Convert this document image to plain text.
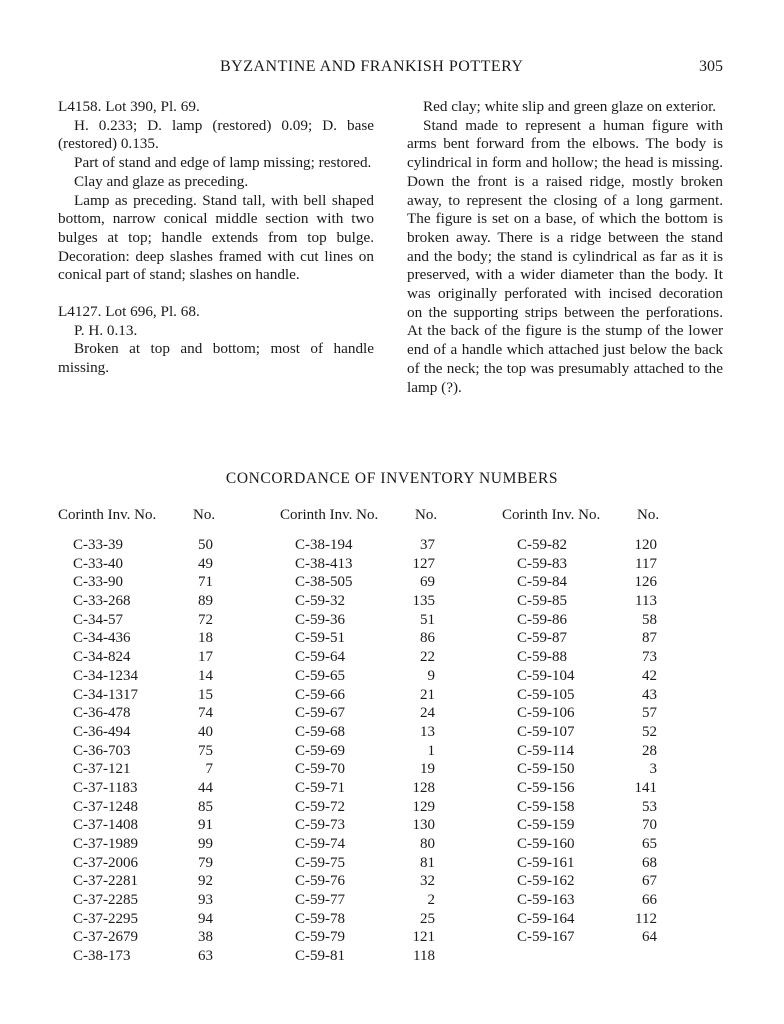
BYZANTINE AND FRANKISH POTTERY	305

L4158. Lot 390, Pl. 69.

H. 0.233; D. lamp (restored) 0.09; D. base (restored) 0.135.

Part of stand and edge of lamp missing; restored.

Clay and glaze as preceding.

Lamp as preceding. Stand tall, with bell shaped bottom, narrow conical middle section with two bulges at top; handle extends from top bulge. Decoration: deep slashes framed with cut lines on conical part of stand; slashes on handle.

L4127. Lot 696, Pl. 68.

P. H. 0.13.

Broken at top and bottom; most of handle missing.

Red clay; white slip and green glaze on exterior.

Stand made to represent a human figure with arms bent forward from the elbows. The body is cylindrical in form and hollow; the head is missing. Down the front is a raised ridge, mostly broken away, to represent the closing of a long garment. The figure is set on a base, of which the bottom is broken away. There is a ridge between the stand and the body; the stand is cylindrical as far as it is preserved, with a wider diameter than the body. It was originally perforated with incised decoration on the supporting strips between the perforations. At the back of the figure is the stump of the lower end of a handle which attached just below the back of the neck; the top was presumably attached to the lamp (?).

CONCORDANCE OF INVENTORY NUMBERS
Corinth Inv. No. No.
C-33-39	50
C-33-40	49
C-33-90	71
C-33-268	89
C-34-57	72
C-34-436	18
C-34-824	17
C-34-1234	14
C-34-1317	15
C-36-478	74
C-36-494	40
C-36-703	75
C-37-121	7
C-37-1183	44
C-37-1248	85
C-37-1408	91
C-37-1989	99
C-37-2006	79
C-37-2281	92
C-37-2285	93
C-37-2295	94
C-37-2679	38
C-38-173	63
Corinth Inv. No. No.
C-38-194	37
C-38-413	127
C-38-505	69
C-59-32	135
C-59-36	51
C-59-51	86
C-59-64	22
C-59-65	9
C-59-66	21
C-59-67	24
C-59-68	13
C-59-69	1
C-59-70	19
C-59-71	128
C-59-72	129
C-59-73	130
C-59-74	80
C-59-75	81
C-59-76	32
C-59-77	2
C-59-78	25
C-59-79	121
C-59-81	118
Corinth Inv. No. No.
C-59-82	120
C-59-83	117
C-59-84	126
C-59-85	113
C-59-86	58
C-59-87	87
C-59-88	73
C-59-104	42
C-59-105	43
C-59-106	57
C-59-107	52
C-59-114	28
C-59-150	3
C-59-156	141
C-59-158	53
C-59-159	70
C-59-160	65
C-59-161	68
C-59-162	67
C-59-163	66
C-59-164	112
C-59-167	64
